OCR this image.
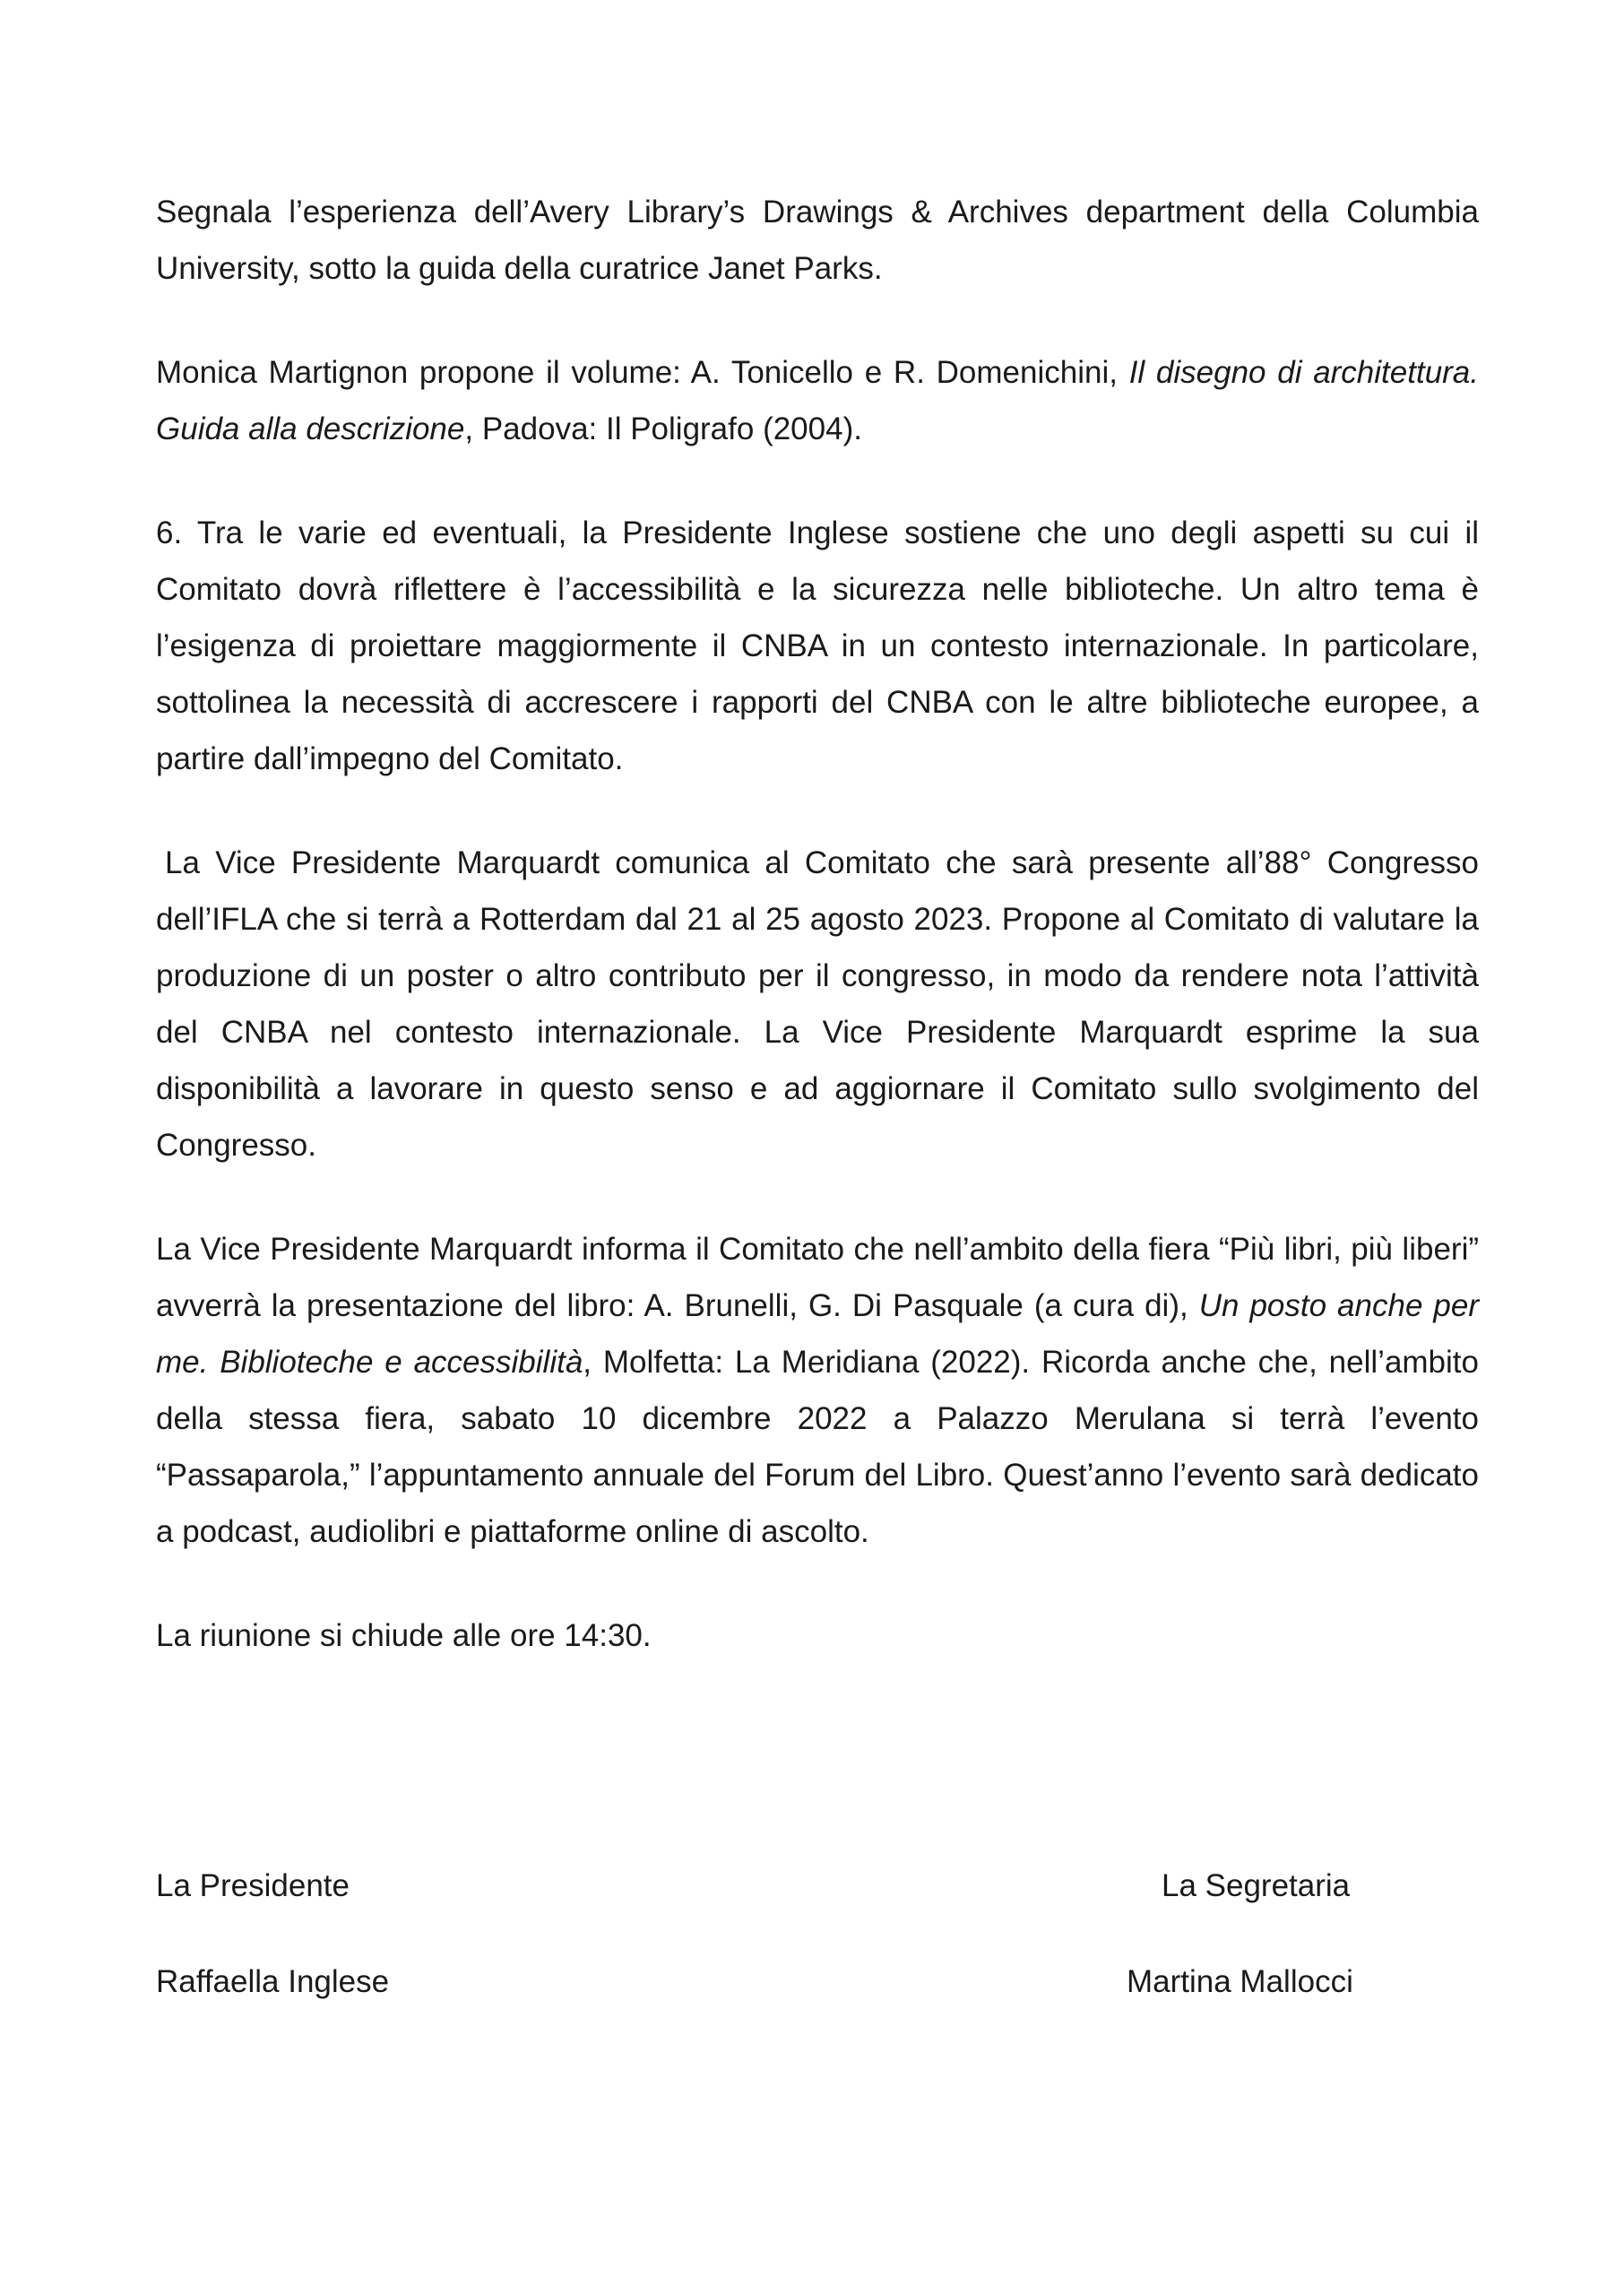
Segnala l’esperienza dell’Avery Library’s Drawings & Archives department della Columbia University, sotto la guida della curatrice Janet Parks.

Monica Martignon propone il volume: A. Tonicello e R. Domenichini, Il disegno di architettura. Guida alla descrizione, Padova: Il Poligrafo (2004).

6. Tra le varie ed eventuali, la Presidente Inglese sostiene che uno degli aspetti su cui il Comitato dovrà riflettere è l’accessibilità e la sicurezza nelle biblioteche. Un altro tema è l’esigenza di proiettare maggiormente il CNBA in un contesto internazionale. In particolare, sottolinea la necessità di accrescere i rapporti del CNBA con le altre biblioteche europee, a partire dall’impegno del Comitato.

La Vice Presidente Marquardt comunica al Comitato che sarà presente all’88° Congresso dell’IFLA che si terrà a Rotterdam dal 21 al 25 agosto 2023. Propone al Comitato di valutare la produzione di un poster o altro contributo per il congresso, in modo da rendere nota l’attività del CNBA nel contesto internazionale. La Vice Presidente Marquardt esprime la sua disponibilità a lavorare in questo senso e ad aggiornare il Comitato sullo svolgimento del Congresso.

La Vice Presidente Marquardt informa il Comitato che nell’ambito della fiera “Più libri, più liberi” avverrà la presentazione del libro: A. Brunelli, G. Di Pasquale (a cura di), Un posto anche per me. Biblioteche e accessibilità, Molfetta: La Meridiana (2022). Ricorda anche che, nell’ambito della stessa fiera, sabato 10 dicembre 2022 a Palazzo Merulana si terrà l’evento “Passaparola,” l’appuntamento annuale del Forum del Libro. Quest’anno l’evento sarà dedicato a podcast, audiolibri e piattaforme online di ascolto.

La riunione si chiude alle ore 14:30.

La Presidente
Raffaella Inglese
La Segretaria
Martina Mallocci
